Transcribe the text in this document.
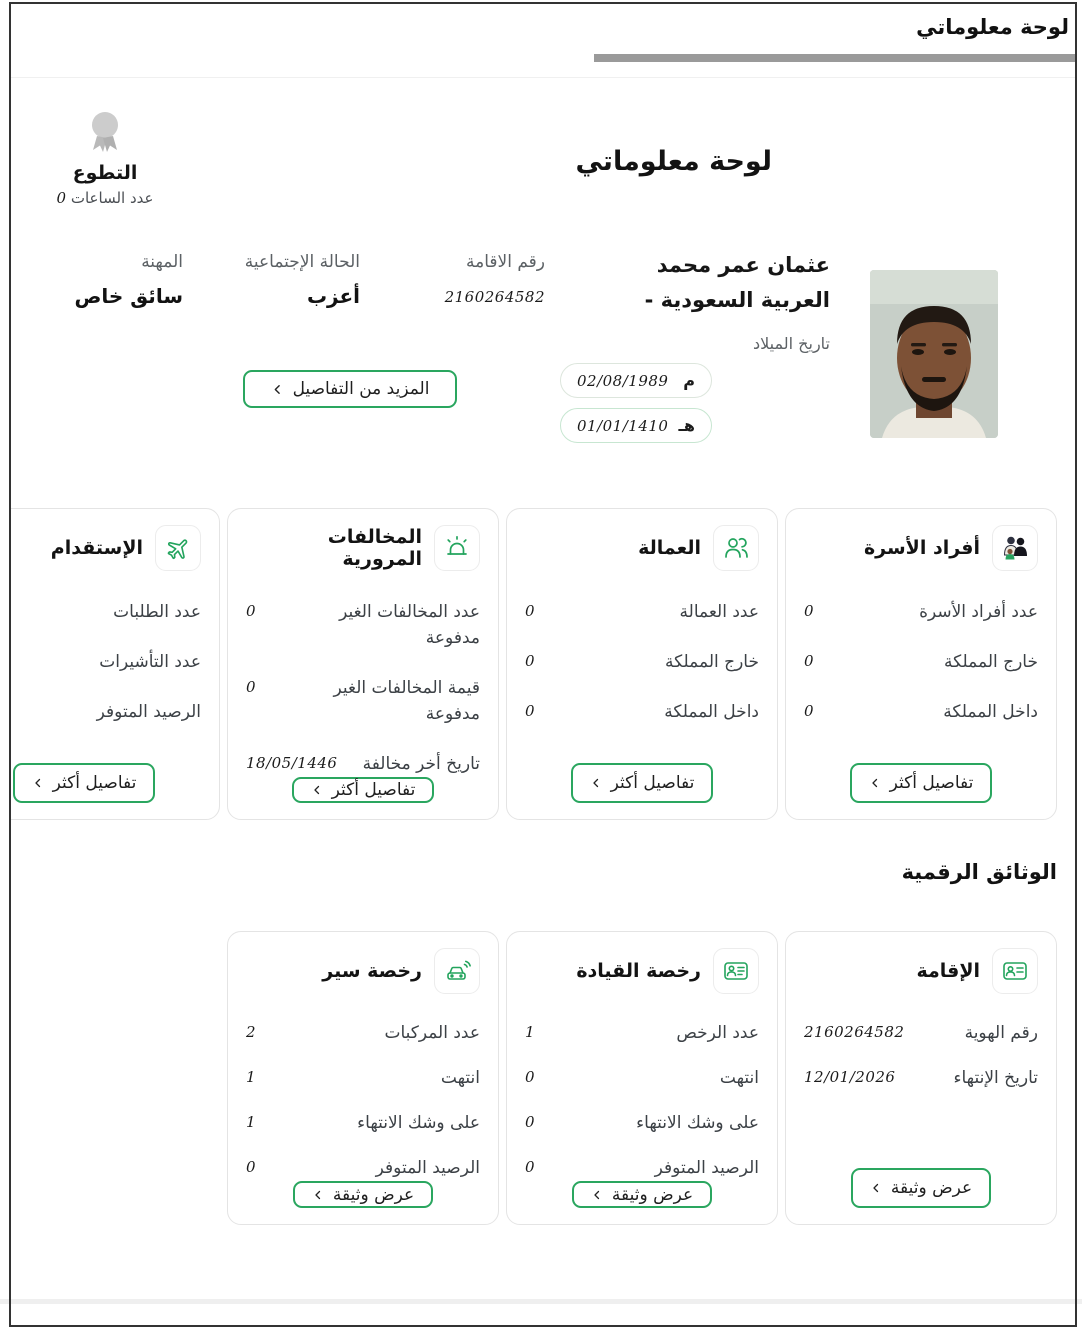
لوحة معلوماتي
التطوع
عدد الساعات 0
لوحة معلوماتي
عثمان عمر محمد
العربية السعودية -
تاريخ الميلاد
م
02/08/1989
هـ
01/01/1410
رقم الاقامة
2160264582
الحالة الإجتماعية
أعزب
المهنة
سائق خاص
المزيد من التفاصيل
أفراد الأسرة
عدد أفراد الأسرة
0
خارج المملكة
0
داخل المملكة
0
تفاصيل أكثر
العمالة
عدد العمالة
0
خارج المملكة
0
داخل المملكة
0
تفاصيل أكثر
المخالفات المرورية
عدد المخالفات الغير مدفوعة
0
قيمة المخالفات الغير مدفوعة
0
تاريخ أخر مخالفة
18/05/1446
تفاصيل أكثر
الإستقدام
عدد الطلبات
عدد التأشيرات
الرصيد المتوفر
تفاصيل أكثر
الوثائق الرقمية
الإقامة
رقم الهوية
2160264582
تاريخ الإنتهاء
12/01/2026
عرض وثيقة
رخصة القيادة
عدد الرخص
1
انتهت
0
على وشك الانتهاء
0
الرصيد المتوفر
0
عرض وثيقة
رخصة سير
عدد المركبات
2
انتهت
1
على وشك الانتهاء
1
الرصيد المتوفر
0
عرض وثيقة
